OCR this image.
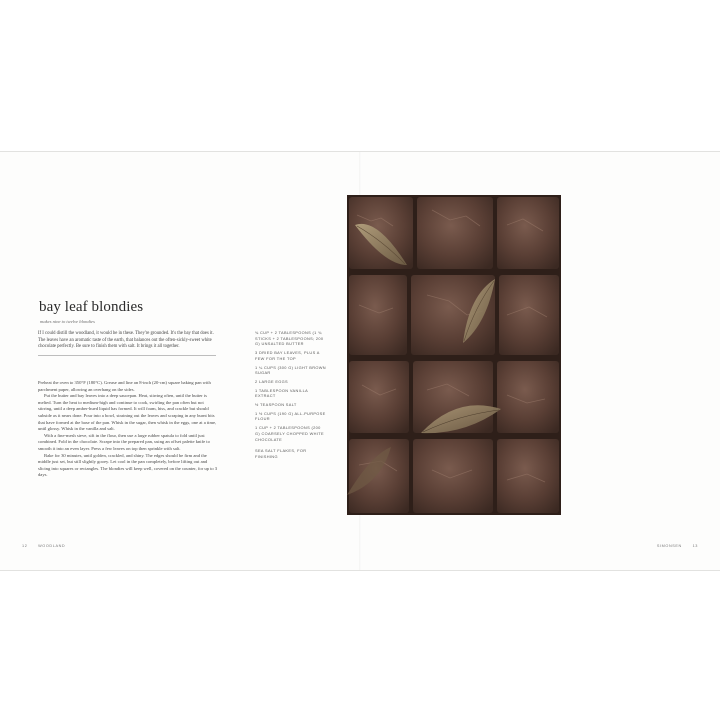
bay leaf blondies
makes nine to twelve blondies

If I could distill the woodland, it would be in these. They're grounded. It's the bay that does it. The leaves have an aromatic taste of the earth, that balances out the often-sickly-sweet white chocolate perfectly. Be sure to finish them with salt. It brings it all together.

Preheat the oven to 350°F (180°C). Grease and line an 8-inch (20-cm) square baking pan with parchment paper, allowing an overhang on the sides.

Put the butter and bay leaves into a deep saucepan. Heat, stirring often, until the butter is melted. Turn the heat to medium-high and continue to cook, swirling the pan often but not stirring, until a deep amber-hued liquid has formed. It will foam, hiss, and crackle but should subside as it nears done. Pour into a bowl, straining out the leaves and scraping in any burnt bits that have formed at the base of the pan. Whisk in the sugar, then whisk in the eggs, one at a time, until glossy. Whisk in the vanilla and salt.

With a fine-mesh sieve, sift in the flour, then use a large rubber spatula to fold until just combined. Fold in the chocolate. Scrape into the prepared pan, using an offset palette knife to smooth it into an even layer. Press a few leaves on top then sprinkle with salt.

Bake for 30 minutes, until golden, crackled, and shiny. The edges should be firm and the middle just set, but still slightly gooey. Let cool in the pan completely, before lifting out and slicing into squares or rectangles. The blondies will keep well, covered on the counter, for up to 3 days.

¾ CUP + 2 TABLESPOONS (1 ¾ STICKS + 2 TABLESPOONS; 200 G) UNSALTED BUTTER
3 DRIED BAY LEAVES, PLUS A FEW FOR THE TOP
1 ¼ CUPS (300 G) LIGHT BROWN SUGAR
2 LARGE EGGS
1 TABLESPOON VANILLA EXTRACT
½ TEASPOON SALT
1 ½ CUPS (190 G) ALL-PURPOSE FLOUR
1 CUP + 2 TABLESPOONS (200 G) COARSELY CHOPPED WHITE CHOCOLATE
SEA SALT FLAKES, FOR FINISHING
12	WOODLAND	SIMONSEN	13
